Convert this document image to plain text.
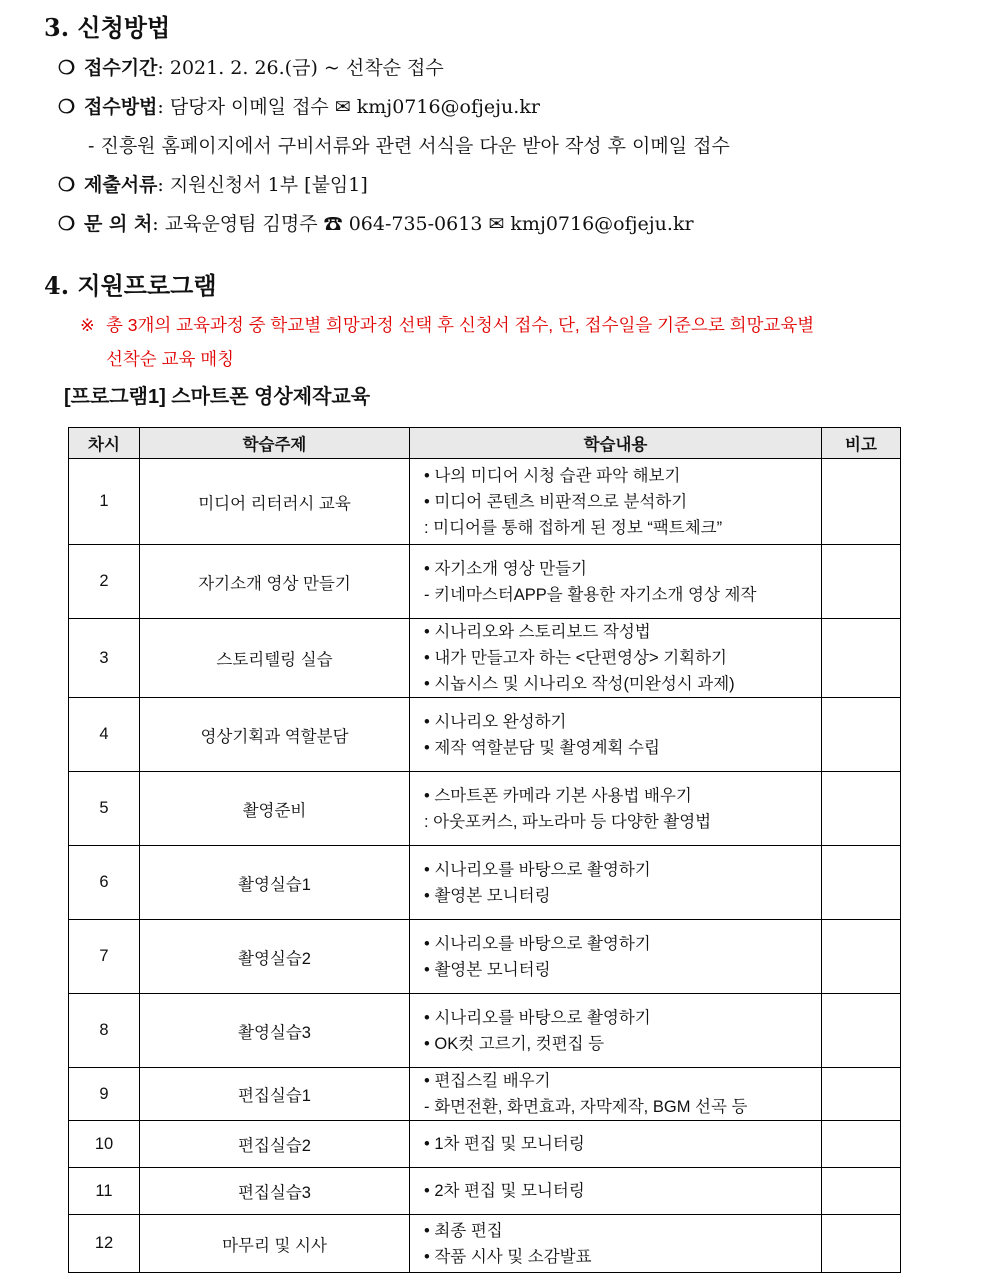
3. 신청방법
❍ 접수기간: 2021. 2. 26.(금) ~ 선착순 접수
❍ 접수방법: 담당자 이메일 접수 ✉ kmj0716@ofjeju.kr
- 진흥원 홈페이지에서 구비서류와 관련 서식을 다운 받아 작성 후 이메일 접수
❍ 제출서류: 지원신청서 1부 [붙임1]
❍ 문 의 처: 교육운영팀 김명주 ☎ 064-735-0613 ✉ kmj0716@ofjeju.kr
4. 지원프로그램
※ 총 3개의 교육과정 중 학교별 희망과정 선택 후 신청서 접수, 단, 접수일을 기준으로 희망교육별
선착순 교육 매칭
[프로그램1] 스마트폰 영상제작교육
차시	학습주제	학습내용	비고
1	미디어 리터러시 교육	• 나의 미디어 시청 습관 파악 해보기
• 미디어 콘텐츠 비판적으로 분석하기
: 미디어를 통해 접하게 된 정보 “팩트체크”	

2	자기소개 영상 만들기	• 자기소개 영상 만들기
- 키네마스터APP을 활용한 자기소개 영상 제작	

3	스토리텔링 실습	• 시나리오와 스토리보드 작성법
• 내가 만들고자 하는 <단편영상> 기획하기
• 시놉시스 및 시나리오 작성(미완성시 과제)	

4	영상기획과 역할분담	• 시나리오 완성하기
• 제작 역할분담 및 촬영계획 수립	

5	촬영준비	• 스마트폰 카메라 기본 사용법 배우기
: 아웃포커스, 파노라마 등 다양한 촬영법	

6	촬영실습1	• 시나리오를 바탕으로 촬영하기
• 촬영본 모니터링	

7	촬영실습2	• 시나리오를 바탕으로 촬영하기
• 촬영본 모니터링	

8	촬영실습3	• 시나리오를 바탕으로 촬영하기
• OK컷 고르기, 컷편집 등	

9	편집실습1	• 편집스킬 배우기
- 화면전환, 화면효과, 자막제작, BGM 선곡 등	

10	편집실습2	• 1차 편집 및 모니터링	

11	편집실습3	• 2차 편집 및 모니터링	

12	마무리 및 시사	• 최종 편집
• 작품 시사 및 소감발표	
